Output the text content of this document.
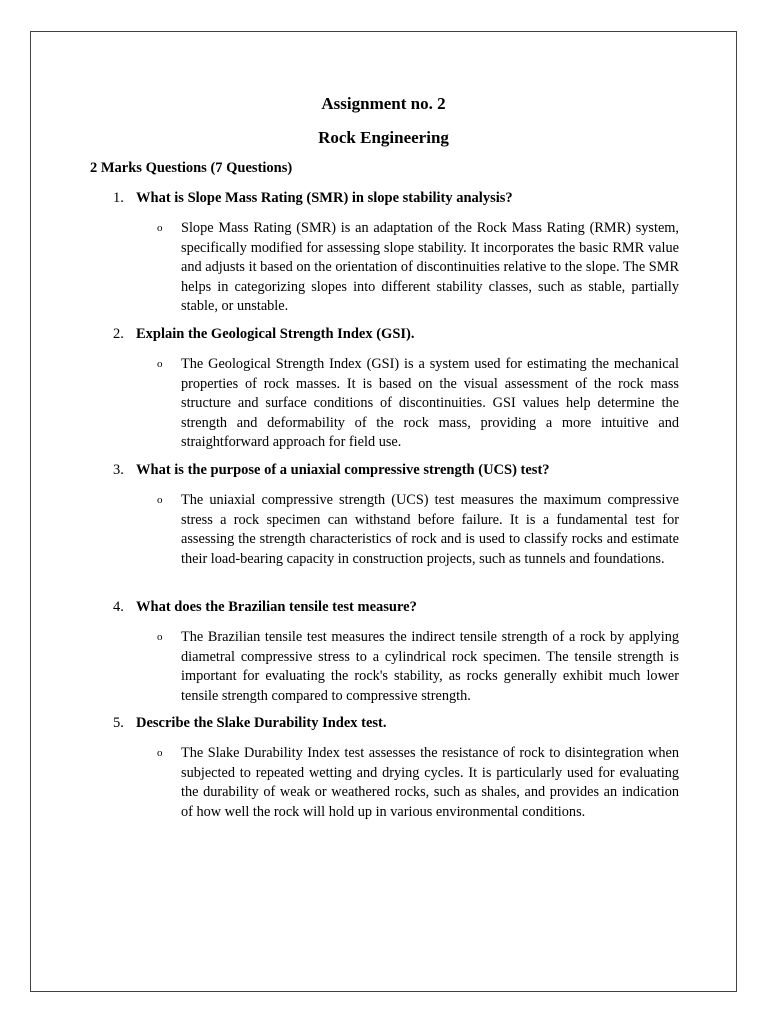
Assignment no. 2
Rock Engineering
2 Marks Questions (7 Questions)
1. What is Slope Mass Rating (SMR) in slope stability analysis?
o Slope Mass Rating (SMR) is an adaptation of the Rock Mass Rating (RMR) system, specifically modified for assessing slope stability. It incorporates the basic RMR value and adjusts it based on the orientation of discontinuities relative to the slope. The SMR helps in categorizing slopes into different stability classes, such as stable, partially stable, or unstable.
2. Explain the Geological Strength Index (GSI).
o The Geological Strength Index (GSI) is a system used for estimating the mechanical properties of rock masses. It is based on the visual assessment of the rock mass structure and surface conditions of discontinuities. GSI values help determine the strength and deformability of the rock mass, providing a more intuitive and straightforward approach for field use.
3. What is the purpose of a uniaxial compressive strength (UCS) test?
o The uniaxial compressive strength (UCS) test measures the maximum compressive stress a rock specimen can withstand before failure. It is a fundamental test for assessing the strength characteristics of rock and is used to classify rocks and estimate their load-bearing capacity in construction projects, such as tunnels and foundations.
4. What does the Brazilian tensile test measure?
o The Brazilian tensile test measures the indirect tensile strength of a rock by applying diametral compressive stress to a cylindrical rock specimen. The tensile strength is important for evaluating the rock's stability, as rocks generally exhibit much lower tensile strength compared to compressive strength.
5. Describe the Slake Durability Index test.
o The Slake Durability Index test assesses the resistance of rock to disintegration when subjected to repeated wetting and drying cycles. It is particularly used for evaluating the durability of weak or weathered rocks, such as shales, and provides an indication of how well the rock will hold up in various environmental conditions.
